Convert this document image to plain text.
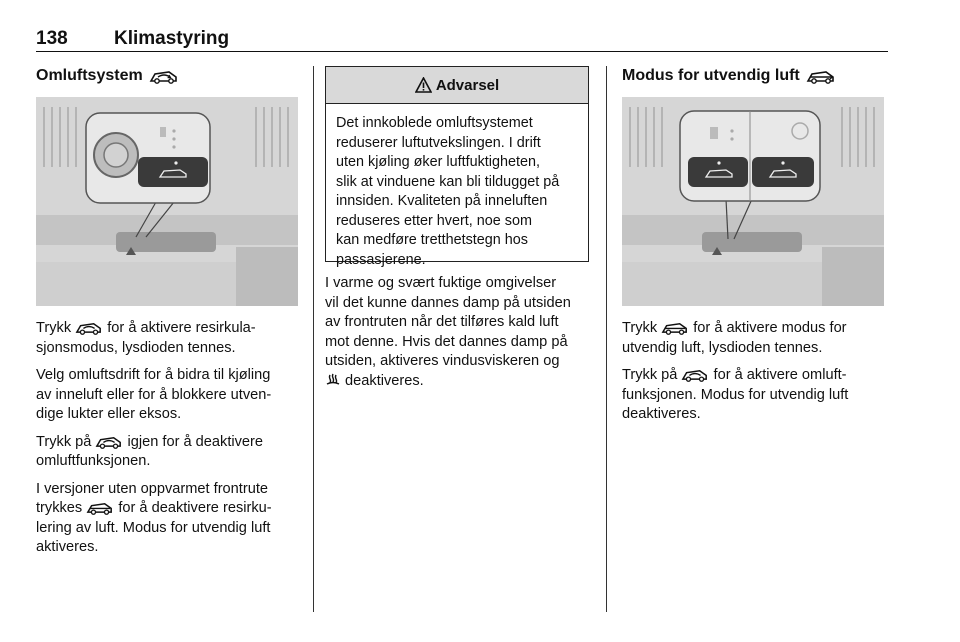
138 Klimastyring
Omluftsystem

Trykk  for å aktivere resirkula-
sjonsmodus, lysdioden tennes.

Velg omluftsdrift for å bidra til kjøling
av inneluft eller for å blokkere utven-
dige lukter eller eksos.

Trykk på  igjen for å deaktivere
omluftfunksjonen.

I versjoner uten oppvarmet frontrute
trykkes  for å deaktivere resirku-
lering av luft. Modus for utvendig luft
aktiveres.

Advarsel
Det innkoblede omluftsystemet
reduserer luftutvekslingen. I drift
uten kjøling øker luftfuktigheten,
slik at vinduene kan bli tildugget på
innsiden. Kvaliteten på inneluften
reduseres etter hvert, noe som
kan medføre tretthetstegn hos
passasjerene.
I varme og svært fuktige omgivelser
vil det kunne dannes damp på utsiden
av frontruten når det tilføres kald luft
mot denne. Hvis det dannes damp på
utsiden, aktiveres vindusviskeren og
deaktiveres.
Modus for utvendig luft

Trykk  for å aktivere modus for
utvendig luft, lysdioden tennes.

Trykk på  for å aktivere omluft-
funksjonen. Modus for utvendig luft
deaktiveres.
